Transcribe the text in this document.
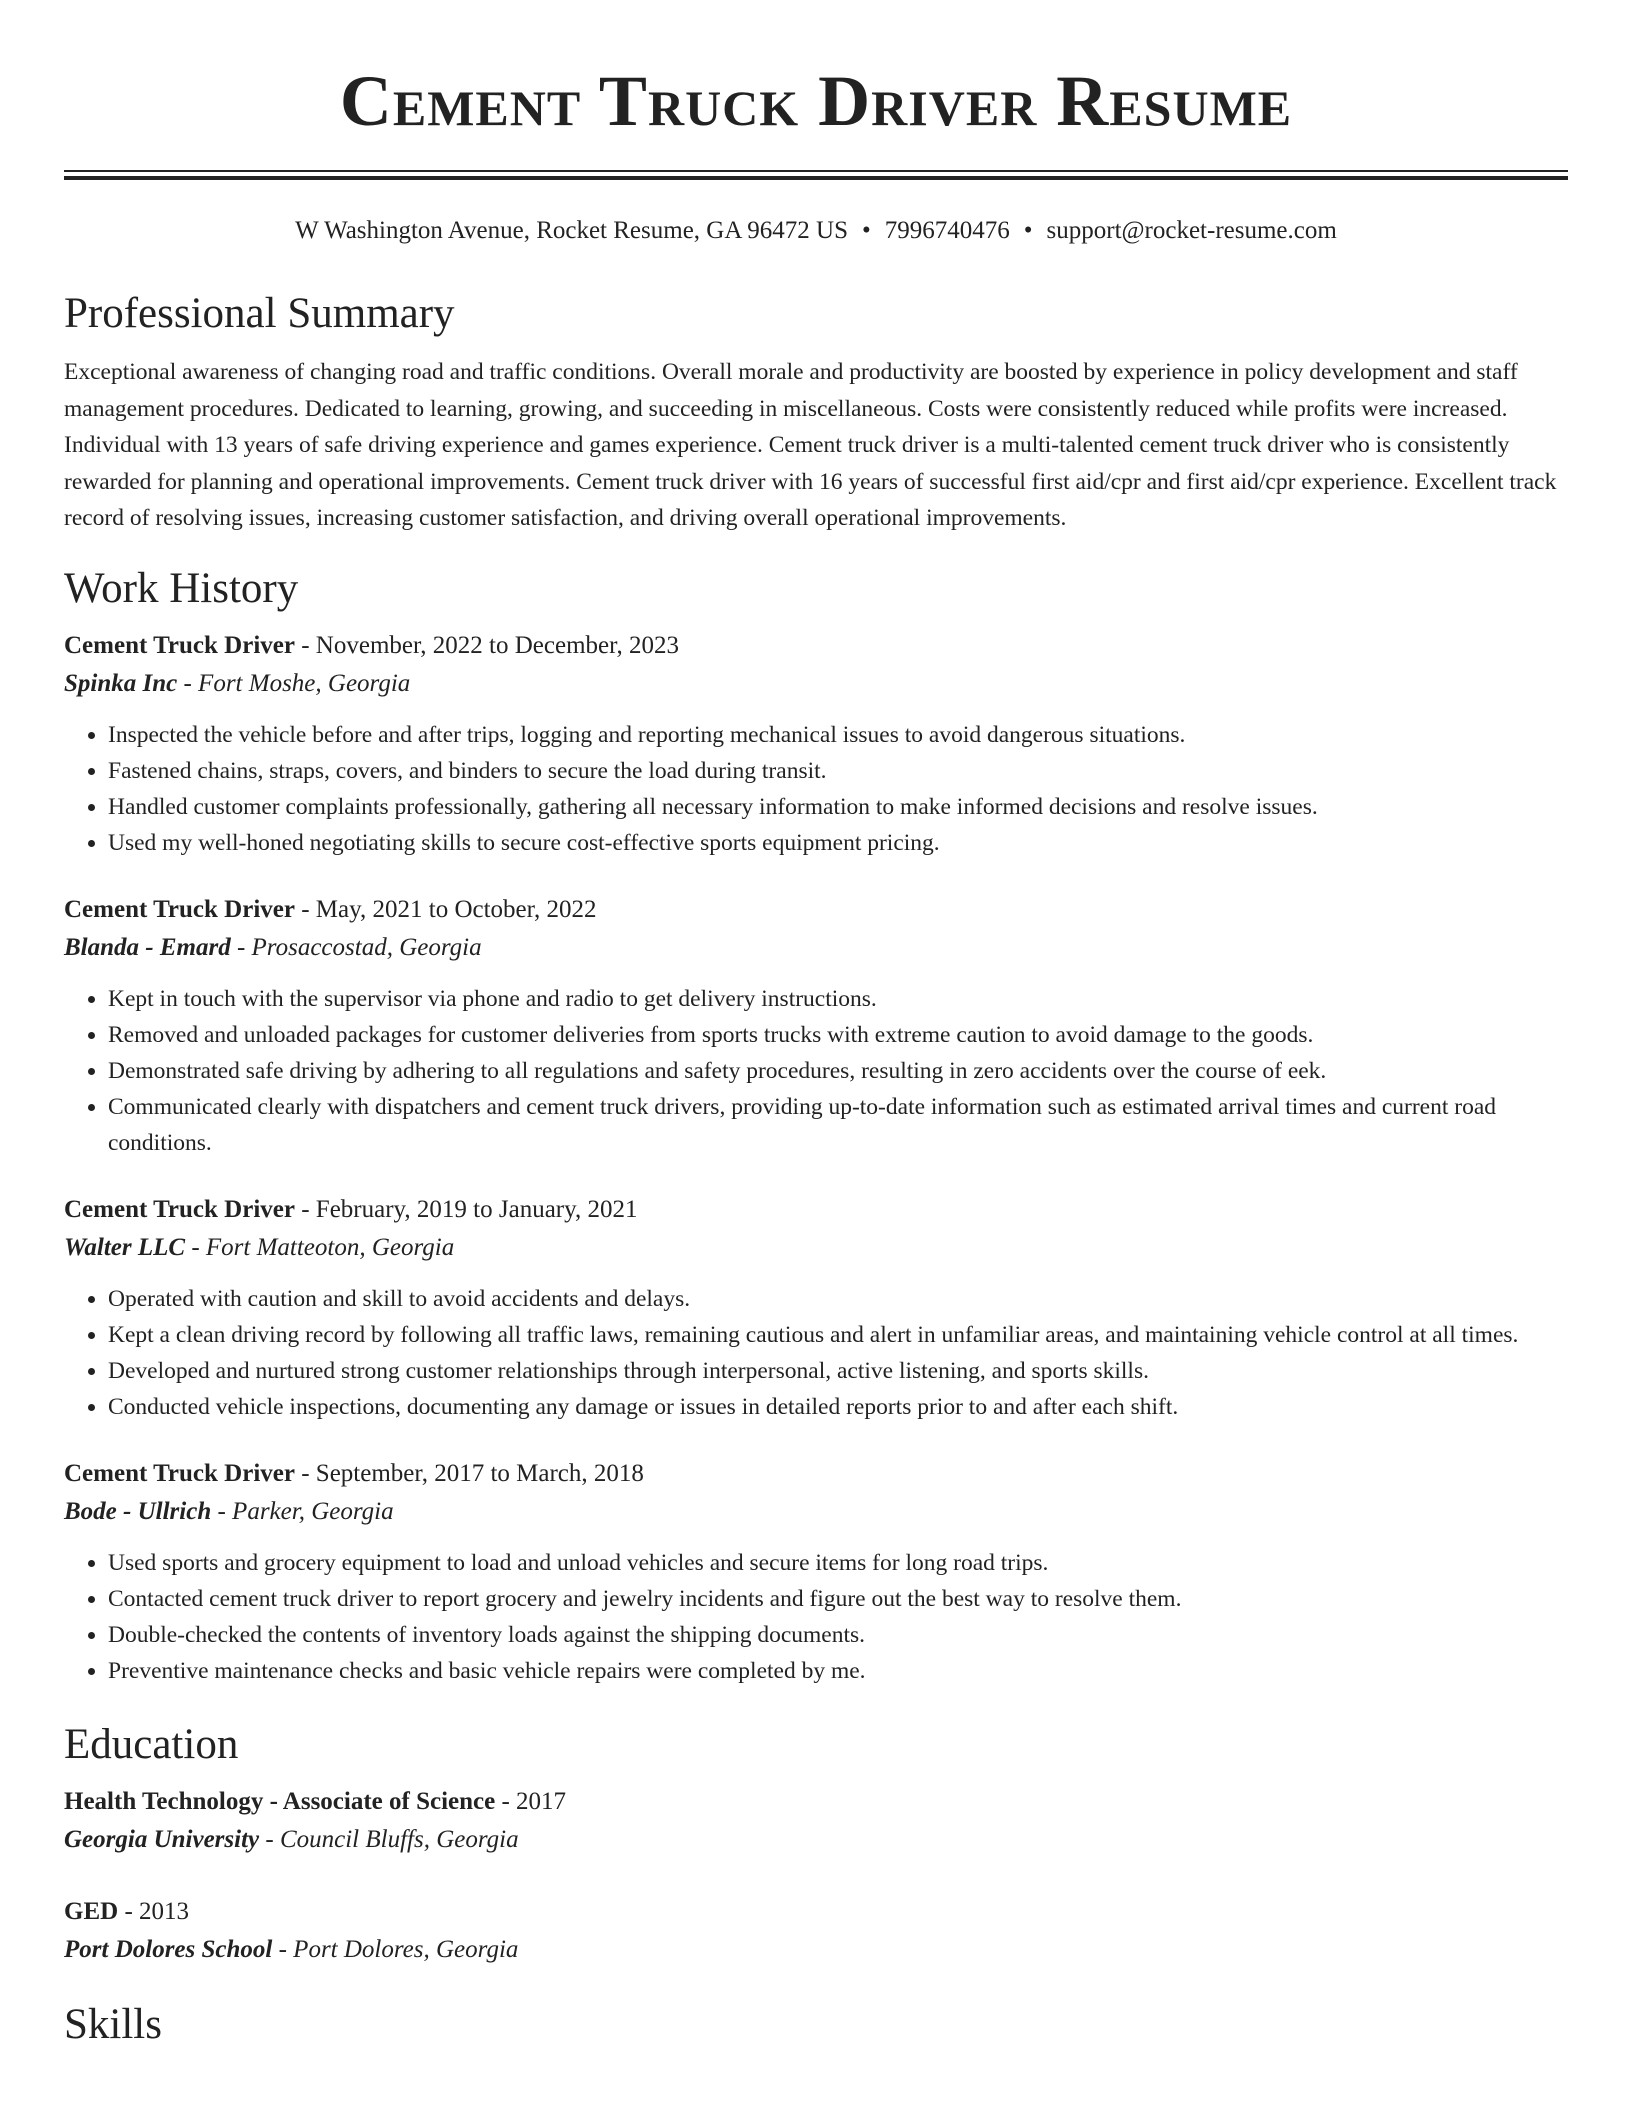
Cement Truck Driver Resume
W Washington Avenue, Rocket Resume, GA 96472 US • 7996740476 • support@rocket-resume.com
Professional Summary

Exceptional awareness of changing road and traffic conditions. Overall morale and productivity are boosted by experience in policy development and staff management procedures. Dedicated to learning, growing, and succeeding in miscellaneous. Costs were consistently reduced while profits were increased. Individual with 13 years of safe driving experience and games experience. Cement truck driver is a multi-talented cement truck driver who is consistently rewarded for planning and operational improvements. Cement truck driver with 16 years of successful first aid/cpr and first aid/cpr experience. Excellent track record of resolving issues, increasing customer satisfaction, and driving overall operational improvements.

Work History
Cement Truck Driver - November, 2022 to December, 2023
Spinka Inc - Fort Moshe, Georgia
• Inspected the vehicle before and after trips, logging and reporting mechanical issues to avoid dangerous situations.
• Fastened chains, straps, covers, and binders to secure the load during transit.
• Handled customer complaints professionally, gathering all necessary information to make informed decisions and resolve issues.
• Used my well-honed negotiating skills to secure cost-effective sports equipment pricing.
Cement Truck Driver - May, 2021 to October, 2022
Blanda - Emard - Prosaccostad, Georgia
• Kept in touch with the supervisor via phone and radio to get delivery instructions.
• Removed and unloaded packages for customer deliveries from sports trucks with extreme caution to avoid damage to the goods.
• Demonstrated safe driving by adhering to all regulations and safety procedures, resulting in zero accidents over the course of eek.
• Communicated clearly with dispatchers and cement truck drivers, providing up-to-date information such as estimated arrival times and current road conditions.
Cement Truck Driver - February, 2019 to January, 2021
Walter LLC - Fort Matteoton, Georgia
• Operated with caution and skill to avoid accidents and delays.
• Kept a clean driving record by following all traffic laws, remaining cautious and alert in unfamiliar areas, and maintaining vehicle control at all times.
• Developed and nurtured strong customer relationships through interpersonal, active listening, and sports skills.
• Conducted vehicle inspections, documenting any damage or issues in detailed reports prior to and after each shift.
Cement Truck Driver - September, 2017 to March, 2018
Bode - Ullrich - Parker, Georgia
• Used sports and grocery equipment to load and unload vehicles and secure items for long road trips.
• Contacted cement truck driver to report grocery and jewelry incidents and figure out the best way to resolve them.
• Double-checked the contents of inventory loads against the shipping documents.
• Preventive maintenance checks and basic vehicle repairs were completed by me.
Education
Health Technology - Associate of Science - 2017
Georgia University - Council Bluffs, Georgia
GED - 2013
Port Dolores School - Port Dolores, Georgia
Skills
